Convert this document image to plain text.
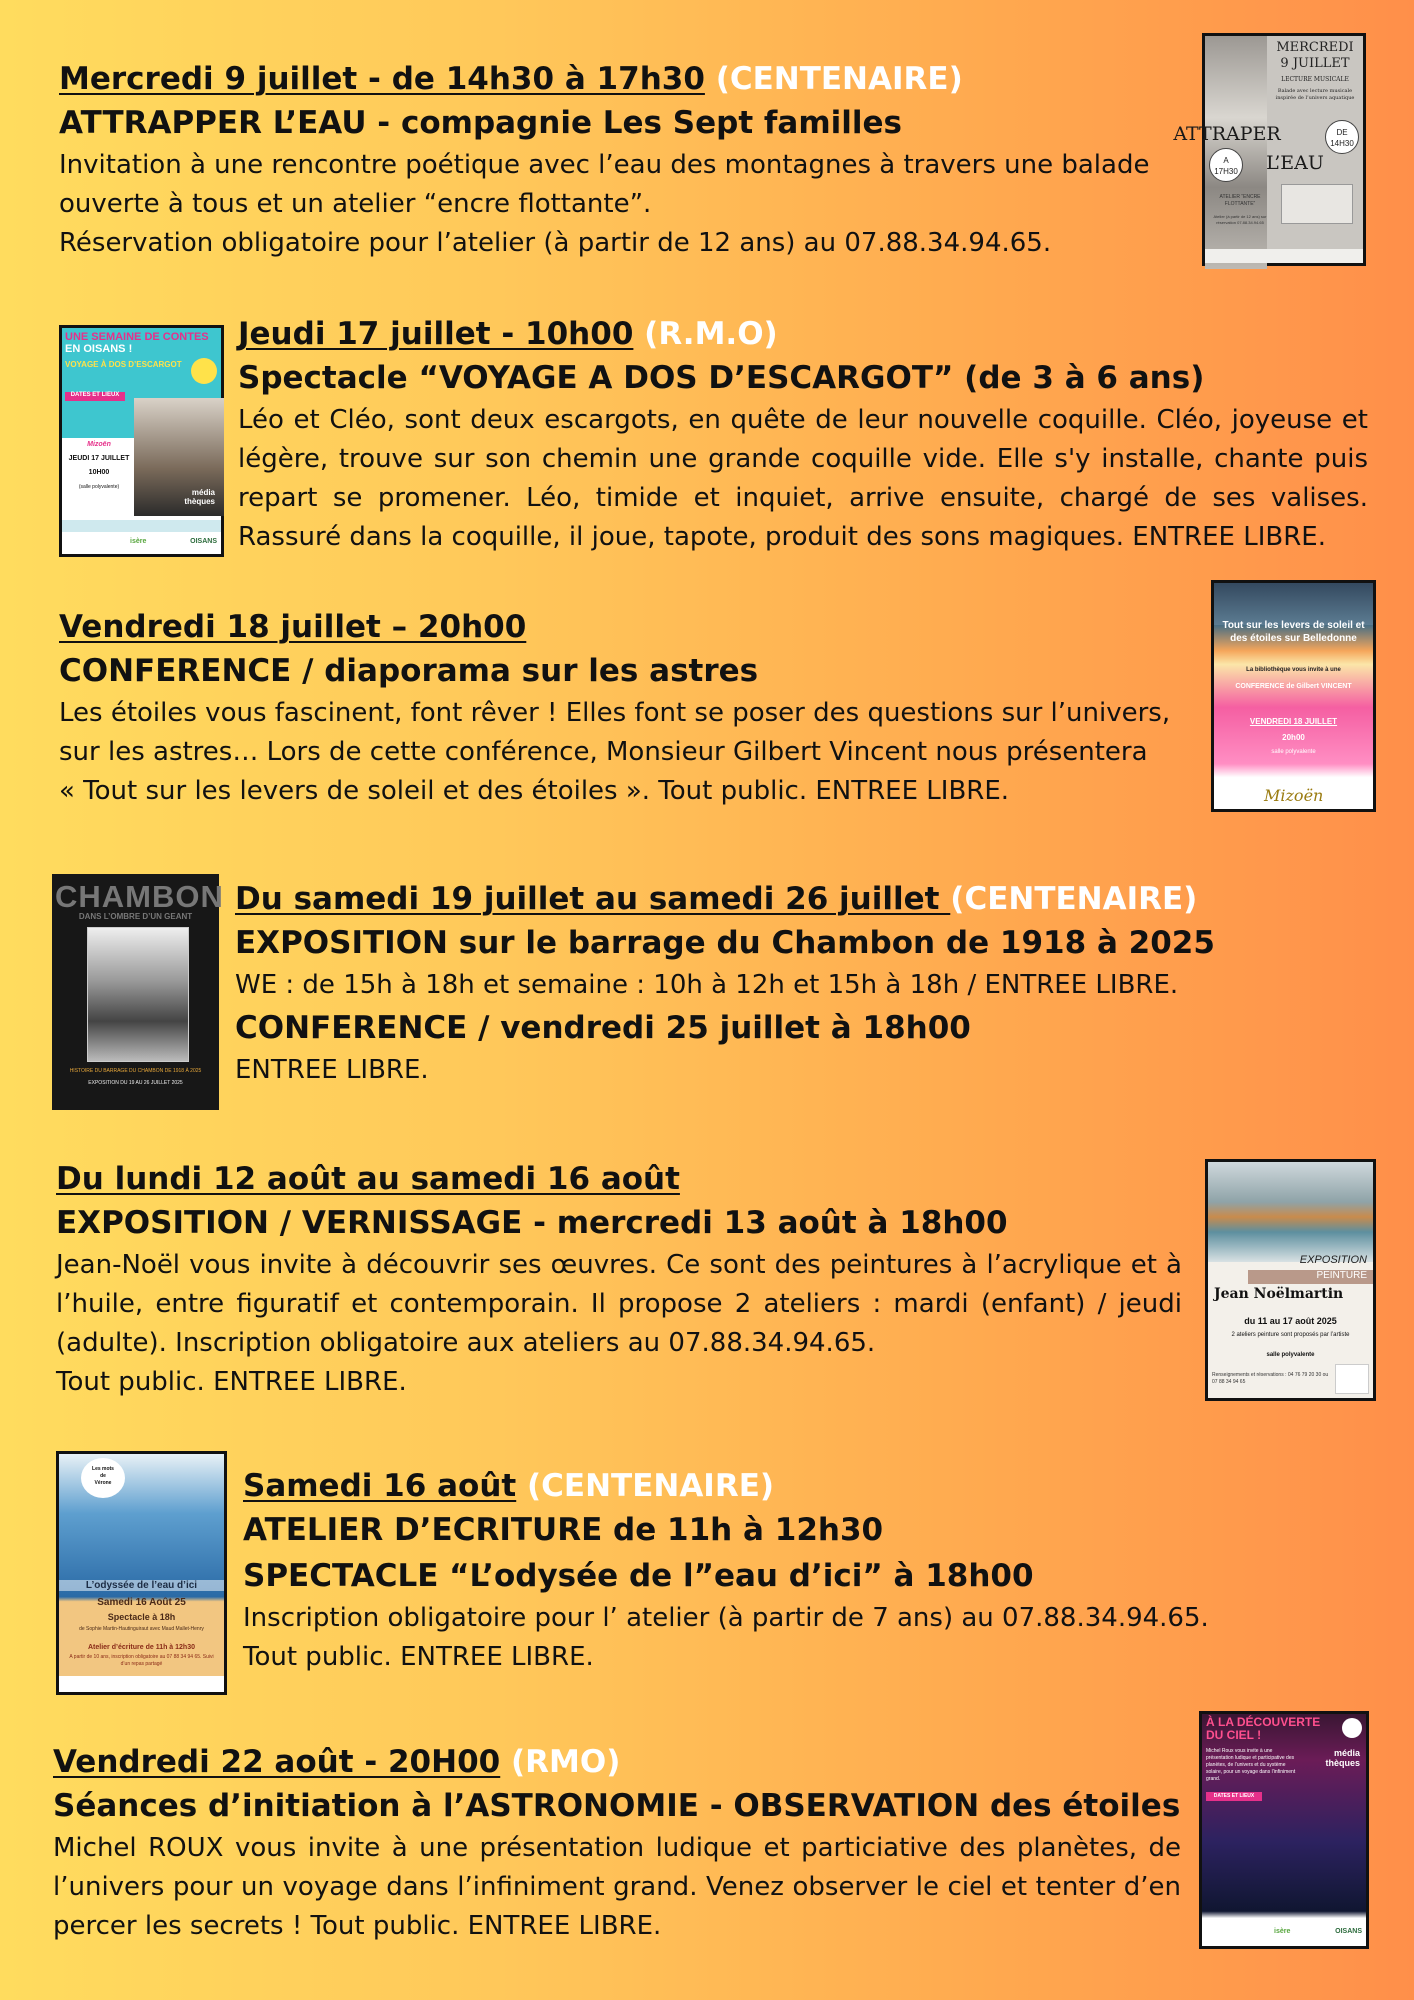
Mercredi 9 juillet - de 14h30 à 17h30 (CENTENAIRE)
ATTRAPPER L’EAU - compagnie Les Sept familles
Invitation à une rencontre poétique avec l’eau des montagnes à travers une balade
ouverte à tous et un atelier “encre flottante”.
Réservation obligatoire pour l’atelier (à partir de 12 ans) au 07.88.34.94.65.
MERCREDI
9 JUILLET
LECTURE MUSICALE
Balade avec lecture musicale inspirée de l’univers aquatique
ATTRAPER	DE
14H30
A
17H30	L’EAU
ATELIER “ENCRE FLOTTANTE”
Atelier (à partir de 12 ans) sur réservation 07.88.34.94.65
UNE SEMAINE DE CONTES
EN OISANS !
VOYAGE À DOS D’ESCARGOT
DATES ET LIEUX
Mizoën
JEUDI 17 JUILLET
10H00
(salle polyvalente)
média
thèques
isère	OISANS
Jeudi 17 juillet - 10h00 (R.M.O)
Spectacle “VOYAGE A DOS D’ESCARGOT” (de 3 à 6 ans)
Léo et Cléo, sont deux escargots, en quête de leur nouvelle coquille. Cléo, joyeuse et légère, trouve sur son chemin une grande coquille vide. Elle s'y installe, chante puis repart se promener. Léo, timide et inquiet, arrive ensuite, chargé de ses valises. Rassuré dans la coquille, il joue, tapote, produit des sons magiques. ENTREE LIBRE.
Vendredi 18 juillet – 20h00
CONFERENCE / diaporama sur les astres
Les étoiles vous fascinent, font rêver ! Elles font se poser des questions sur l’univers,
sur les astres… Lors de cette conférence, Monsieur Gilbert Vincent nous présentera
« Tout sur les levers de soleil et des étoiles ». Tout public. ENTREE LIBRE.
Tout sur les levers de soleil et des étoiles sur Belledonne
La bibliothèque vous invite à une
CONFERENCE de Gilbert VINCENT
VENDREDI 18 JUILLET
20h00
salle polyvalente
Mizoën
CHAMBON
DANS L’OMBRE D’UN GEANT
HISTOIRE DU BARRAGE DU CHAMBON DE 1918 À 2025
EXPOSITION DU 19 AU 26 JUILLET 2025
Du samedi 19 juillet au samedi 26 juillet (CENTENAIRE)
EXPOSITION sur le barrage du Chambon de 1918 à 2025
WE : de 15h à 18h et semaine : 10h à 12h et 15h à 18h / ENTREE LIBRE.
CONFERENCE / vendredi 25 juillet à 18h00
ENTREE LIBRE.
Du lundi 12 août au samedi 16 août
EXPOSITION / VERNISSAGE - mercredi 13 août à 18h00
Jean-Noël vous invite à découvrir ses œuvres. Ce sont des peintures à l’acrylique et à l’huile, entre figuratif et contemporain. Il propose 2 ateliers : mardi (enfant) / jeudi (adulte). Inscription obligatoire aux ateliers au 07.88.34.94.65.
Tout public. ENTREE LIBRE.
EXPOSITION
PEINTURE
Jean Noëlmartin
du 11 au 17 août 2025
2 ateliers peinture sont proposés par l’artiste
salle polyvalente
Renseignements et réservations : 04 76 79 20 30 ou 07 88 34 94 65
Les mots
de
Vérone
L’odyssée de l’eau d’ici
Samedi 16 Août 25
Spectacle à 18h
de Sophie Martin-Hautinguiraut avec Maud Mallet-Henry
Atelier d’écriture de 11h à 12h30
A partir de 10 ans, inscription obligatoire au 07 88 34 94 65. Suivi d’un repas partagé
Samedi 16 août (CENTENAIRE)
ATELIER D’ECRITURE de 11h à 12h30
SPECTACLE “L’odysée de l”eau d’ici” à 18h00
Inscription obligatoire pour l’ atelier (à partir de 7 ans) au 07.88.34.94.65.
Tout public. ENTREE LIBRE.
Vendredi 22 août - 20H00 (RMO)
Séances d’initiation à l’ASTRONOMIE - OBSERVATION des étoiles
Michel ROUX vous invite à une présentation ludique et particiative des planètes, de l’univers pour un voyage dans l’infiniment grand. Venez observer le ciel et tenter d’en percer les secrets ! Tout public. ENTREE LIBRE.
À LA DÉCOUVERTE
DU CIEL !
Michel Roux vous invite à une présentation ludique et participative des planètes, de l’univers et du système solaire, pour un voyage dans l’infiniment grand.
DATES ET LIEUX
média
thèques
isère	OISANS
